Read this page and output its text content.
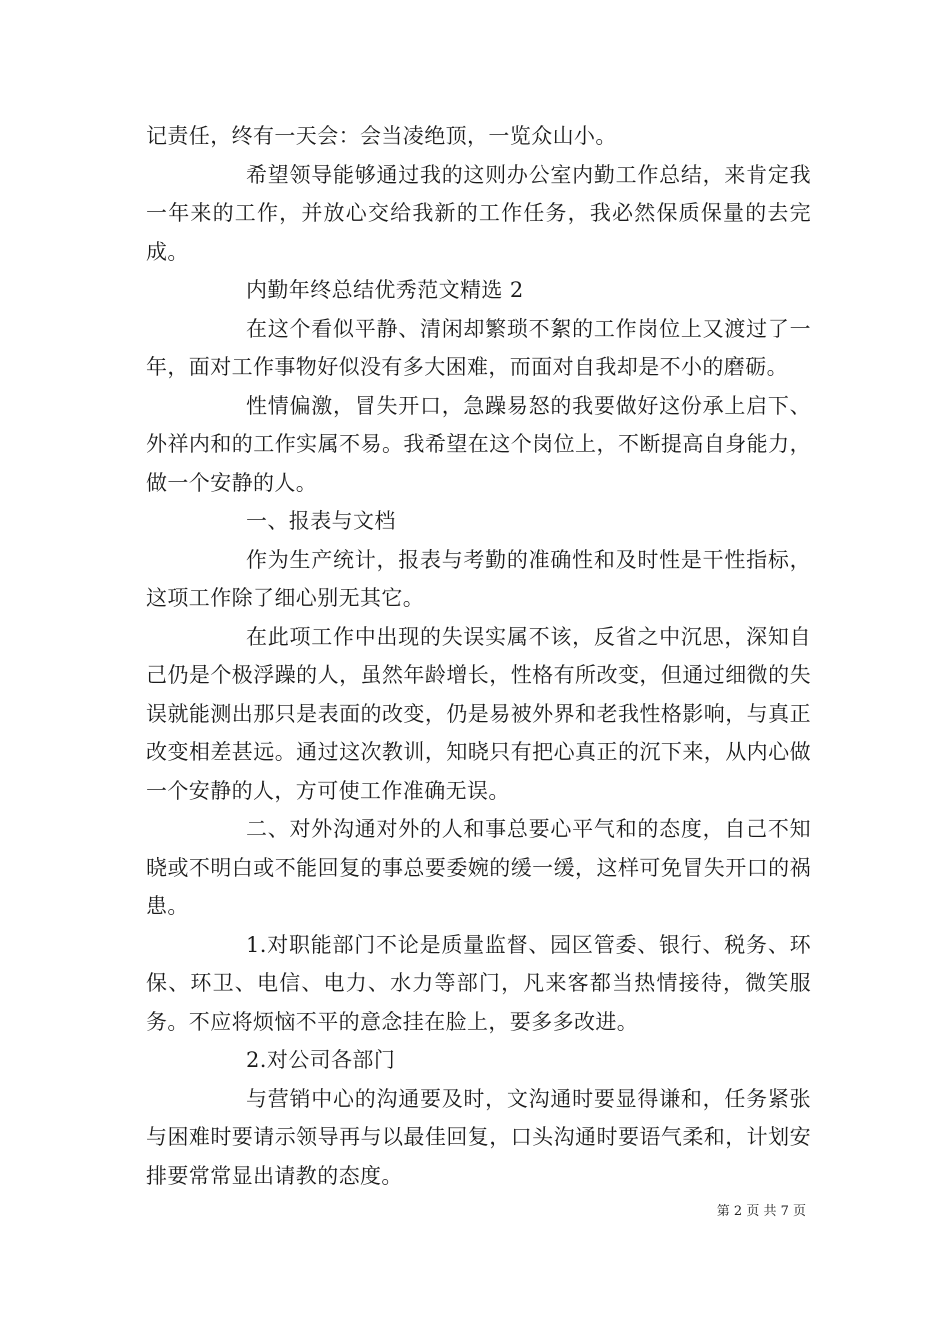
记责任，终有一天会：会当凌绝顶，一览众山小。

希望领导能够通过我的这则办公室内勤工作总结，来肯定我一年来的工作，并放心交给我新的工作任务，我必然保质保量的去完成。

内勤年终总结优秀范文精选 2

在这个看似平静、清闲却繁琐不絮的工作岗位上又渡过了一年，面对工作事物好似没有多大困难，而面对自我却是不小的磨砺。

性情偏激，冒失开口，急躁易怒的我要做好这份承上启下、外祥内和的工作实属不易。我希望在这个岗位上，不断提高自身能力，做一个安静的人。

一、报表与文档

作为生产统计，报表与考勤的准确性和及时性是干性指标，这项工作除了细心别无其它。

在此项工作中出现的失误实属不该，反省之中沉思，深知自己仍是个极浮躁的人，虽然年龄增长，性格有所改变，但通过细微的失误就能测出那只是表面的改变，仍是易被外界和老我性格影响，与真正改变相差甚远。通过这次教训，知晓只有把心真正的沉下来，从内心做一个安静的人，方可使工作准确无误。

二、对外沟通对外的人和事总要心平气和的态度，自己不知晓或不明白或不能回复的事总要委婉的缓一缓，这样可免冒失开口的祸患。

1.对职能部门不论是质量监督、园区管委、银行、税务、环保、环卫、电信、电力、水力等部门，凡来客都当热情接待，微笑服务。不应将烦恼不平的意念挂在脸上，要多多改进。

2.对公司各部门

与营销中心的沟通要及时，文沟通时要显得谦和，任务紧张与困难时要请示领导再与以最佳回复，口头沟通时要语气柔和，计划安排要常常显出请教的态度。

第 2 页 共 7 页
